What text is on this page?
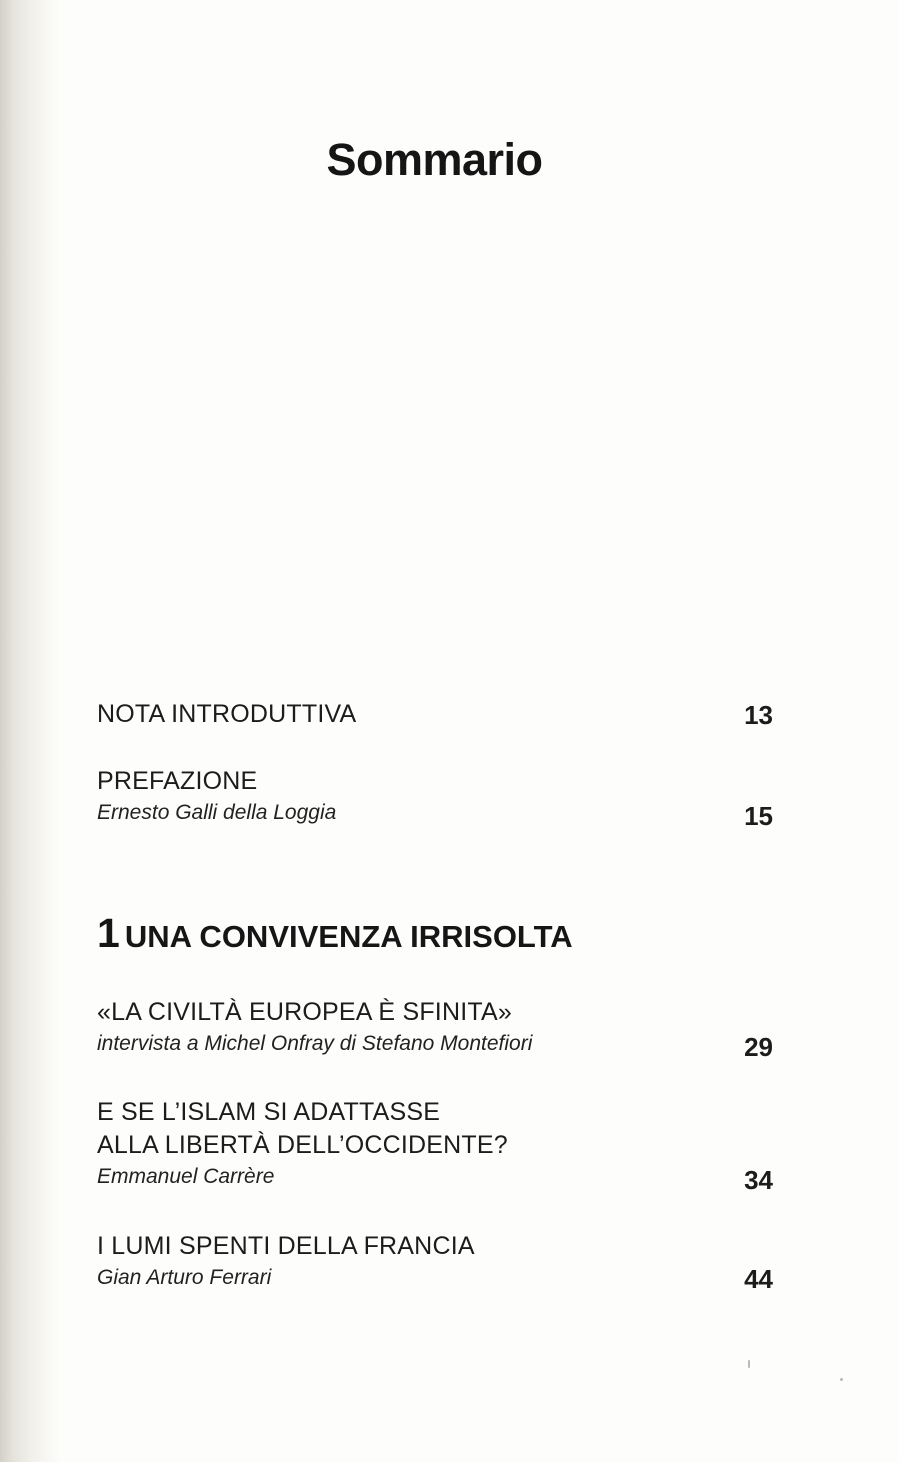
Sommario
NOTA INTRODUTTIVA	13
PREFAZIONE
Ernesto Galli della Loggia	15
1 UNA CONVIVENZA IRRISOLTA
«LA CIVILTÀ EUROPEA È SFINITA»
intervista a Michel Onfray di Stefano Montefiori	29
E SE L’ISLAM SI ADATTASSE
ALLA LIBERTÀ DELL’OCCIDENTE?
Emmanuel Carrère	34
I LUMI SPENTI DELLA FRANCIA
Gian Arturo Ferrari	44
